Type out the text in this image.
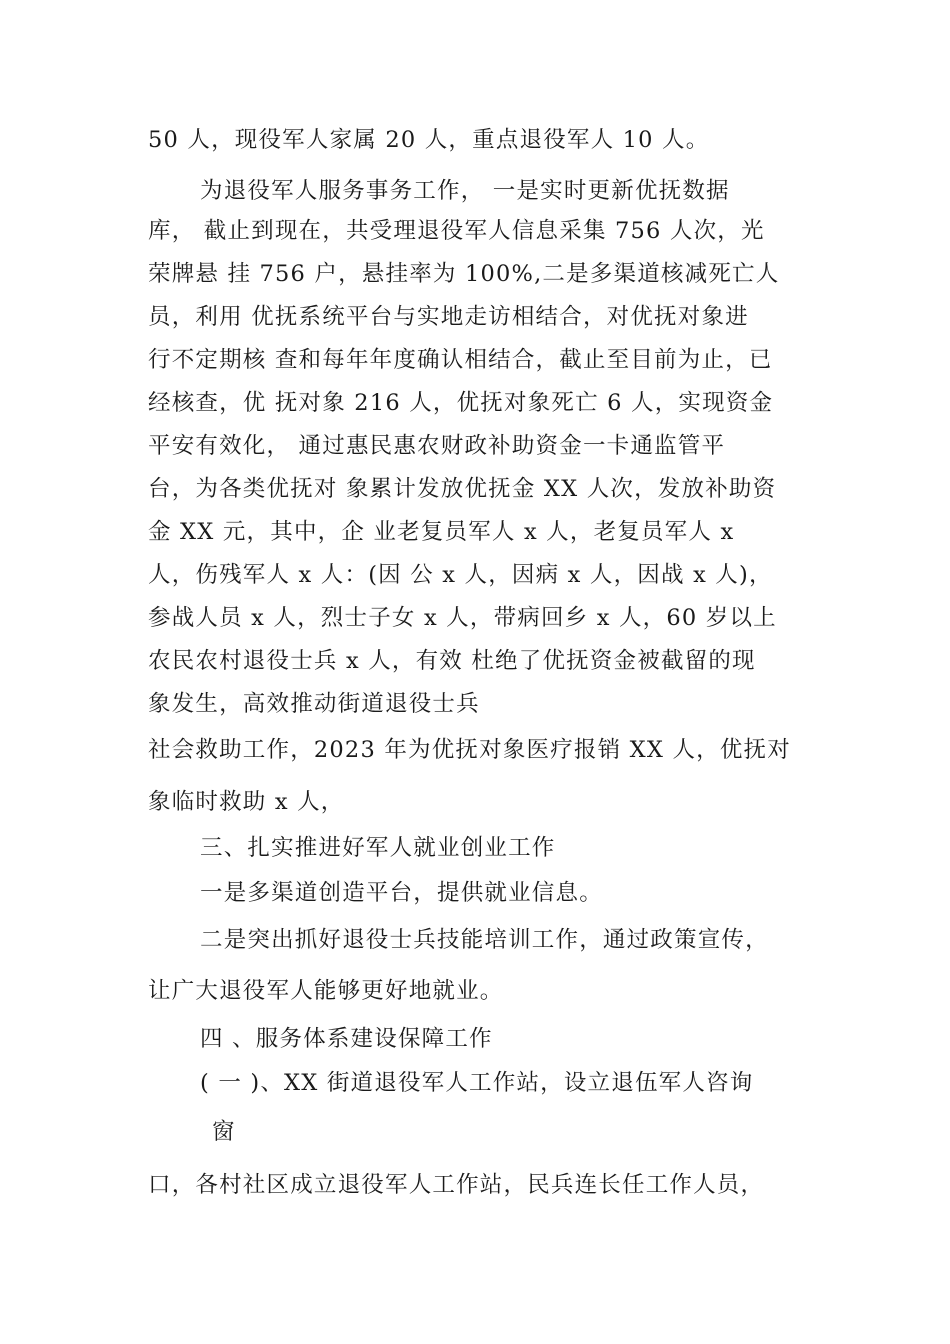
50 人，现役军人家属 20 人，重点退役军人 10 人。
为退役军人服务事务工作， 一是实时更新优抚数据
库， 截止到现在，共受理退役军人信息采集 756 人次，光
荣牌悬 挂 756 户，悬挂率为 100%,二是多渠道核减死亡人
员，利用 优抚系统平台与实地走访相结合，对优抚对象进
行不定期核 查和每年年度确认相结合，截止至目前为止，已
经核查，优 抚对象 216 人，优抚对象死亡 6 人，实现资金
平安有效化， 通过惠民惠农财政补助资金一卡通监管平
台，为各类优抚对 象累计发放优抚金 XX 人次，发放补助资
金 XX 元，其中，企 业老复员军人 x 人，老复员军人 x
人，伤残军人 x 人：(因 公 x 人，因病 x 人，因战 x 人)，
参战人员 x 人，烈士子女 x 人，带病回乡 x 人，60 岁以上
农民农村退役士兵 x 人，有效 杜绝了优抚资金被截留的现
象发生，高效推动街道退役士兵
社会救助工作，2023 年为优抚对象医疗报销 XX 人，优抚对
象临时救助 x 人，
三、扎实推进好军人就业创业工作
一是多渠道创造平台，提供就业信息。
二是突出抓好退役士兵技能培训工作，通过政策宣传，
让广大退役军人能够更好地就业。
四 、服务体系建设保障工作
( 一 )、XX 街道退役军人工作站，设立退伍军人咨询
窗
口，各村社区成立退役军人工作站，民兵连长任工作人员，
